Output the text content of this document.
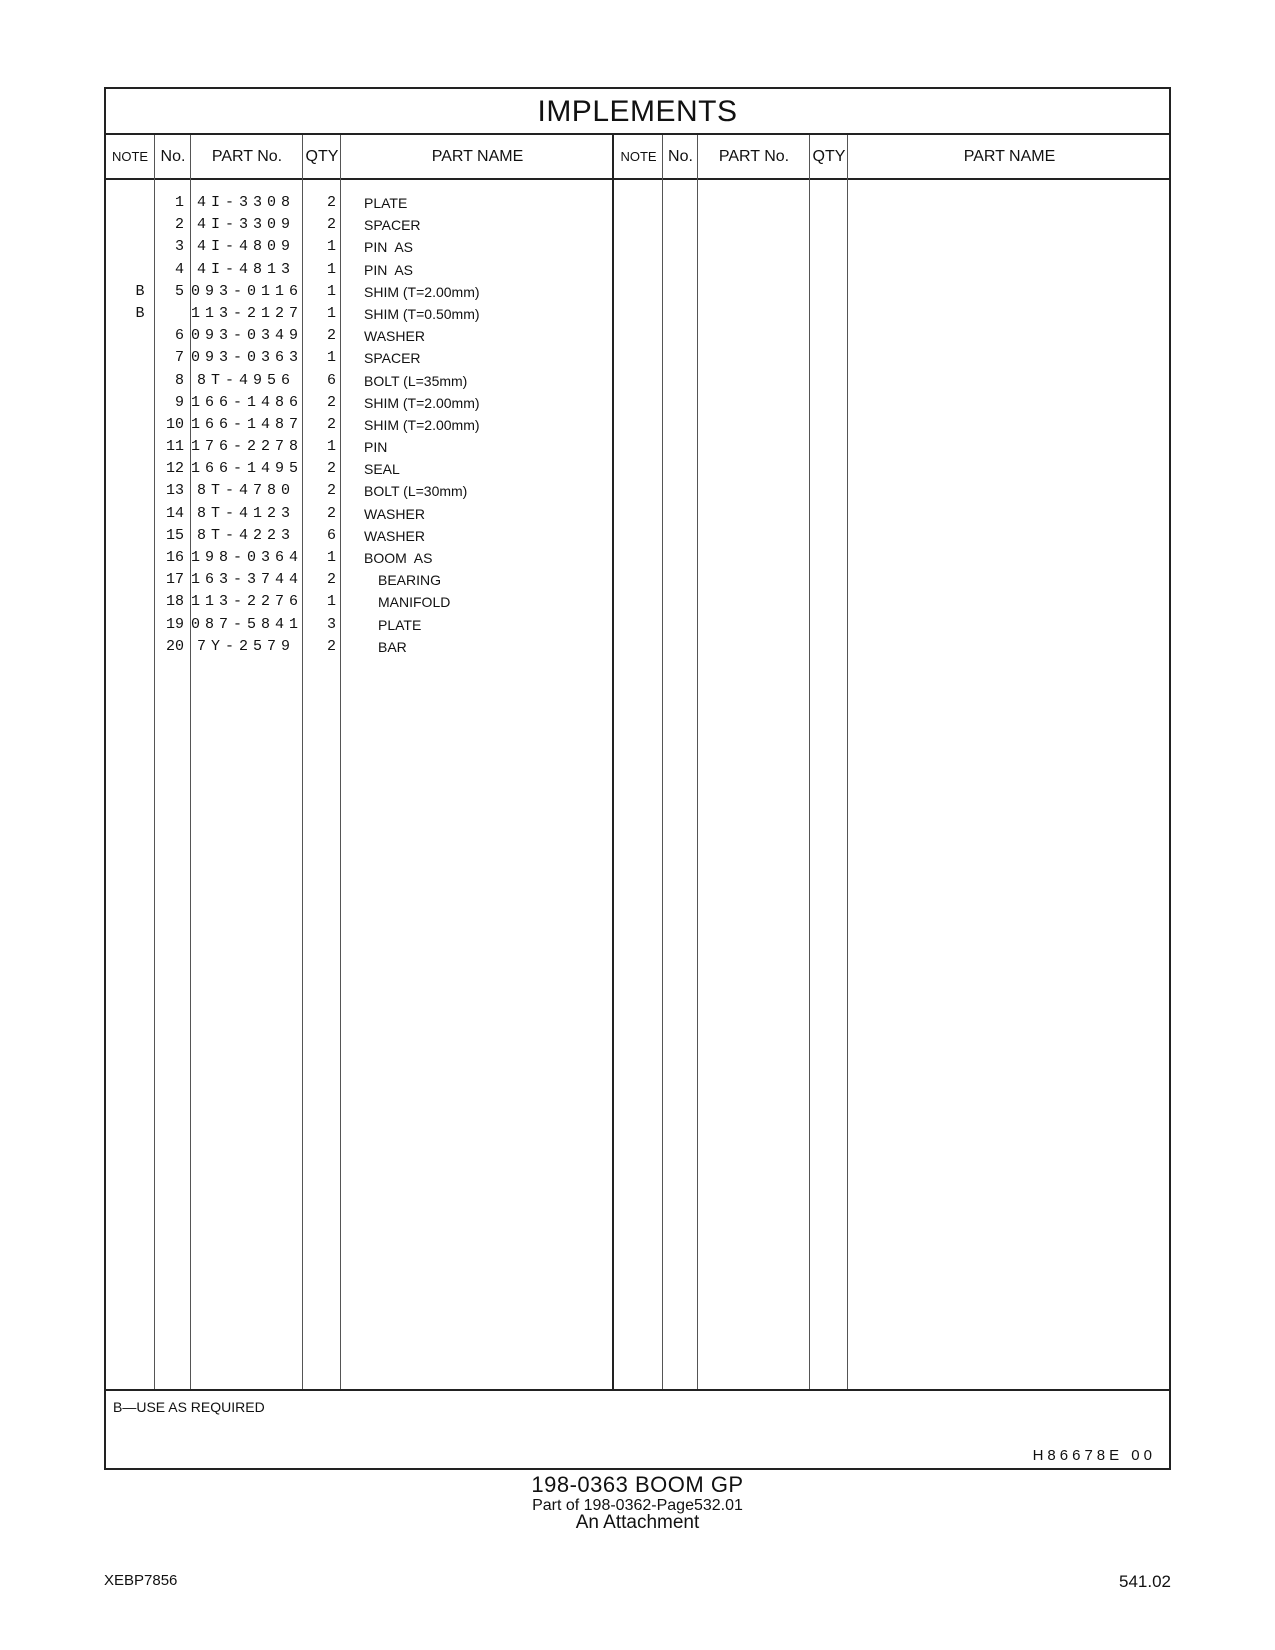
IMPLEMENTS
NOTE No.	PART No.	QTY	PART NAME	NOTE No.	PART No.	QTY	PART NAME
1 4I-3308	2 PLATE
2 4I-3309	2 SPACER
3 4I-4809	1 PIN  AS
4 4I-4813	1 PIN  AS
B	5 093-0116	1 SHIM (T=2.00mm)
B	113-2127	1 SHIM (T=0.50mm)
6 093-0349	2 WASHER
7 093-0363	1 SPACER
8 8T-4956	6 BOLT (L=35mm)
9 166-1486	2 SHIM (T=2.00mm)
10 166-1487	2 SHIM (T=2.00mm)
11 176-2278	1 PIN
12 166-1495	2 SEAL
13 8T-4780	2 BOLT (L=30mm)
14 8T-4123	2 WASHER
15 8T-4223	6 WASHER
16 198-0364	1 BOOM  AS
17 163-3744	2	BEARING
18 113-2276	1	MANIFOLD
19 087-5841	3	PLATE
20 7Y-2579	2	BAR
B—USE AS REQUIRED
H86678E 00
198-0363 BOOM GP
Part of 198-0362-Page532.01
An Attachment
XEBP7856	541.02
